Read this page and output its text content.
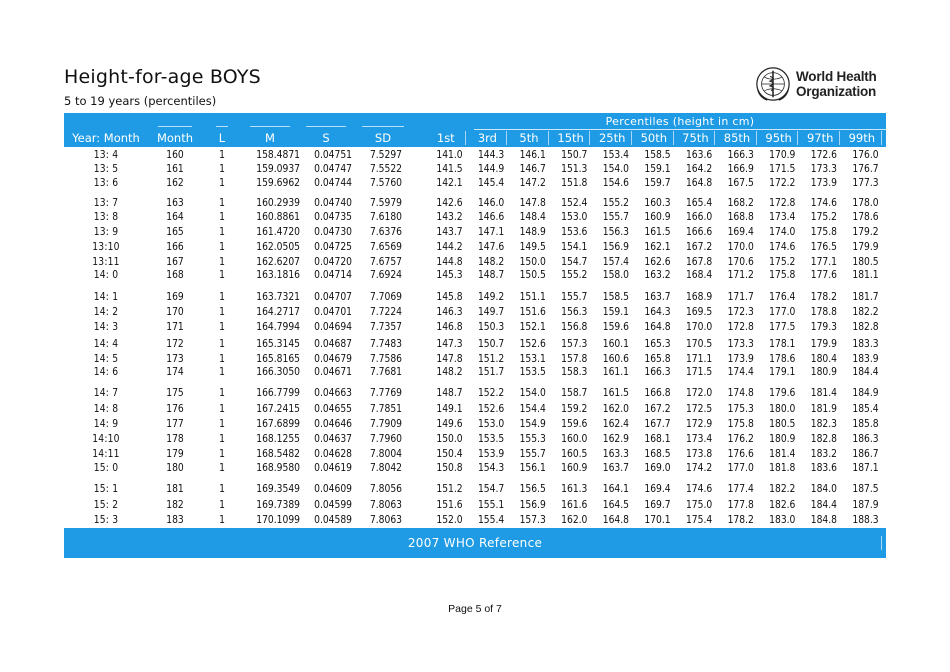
Height-for-age BOYS
5 to 19 years (percentiles)
World Health
Organization
Percentiles (height in cm)
Year: Month	Month	L	M	S	SD	1st	3rd	5th	15th	25th	50th	75th	85th	95th	97th	99th
13: 4	160	1	158.4871	0.04751	7.5297	141.0	144.3	146.1	150.7	153.4	158.5	163.6	166.3	170.9	172.6	176.0
13: 5	161	1	159.0937	0.04747	7.5522	141.5	144.9	146.7	151.3	154.0	159.1	164.2	166.9	171.5	173.3	176.7
13: 6	162	1	159.6962	0.04744	7.5760	142.1	145.4	147.2	151.8	154.6	159.7	164.8	167.5	172.2	173.9	177.3
13: 7	163	1	160.2939	0.04740	7.5979	142.6	146.0	147.8	152.4	155.2	160.3	165.4	168.2	172.8	174.6	178.0
13: 8	164	1	160.8861	0.04735	7.6180	143.2	146.6	148.4	153.0	155.7	160.9	166.0	168.8	173.4	175.2	178.6
13: 9	165	1	161.4720	0.04730	7.6376	143.7	147.1	148.9	153.6	156.3	161.5	166.6	169.4	174.0	175.8	179.2
13:10	166	1	162.0505	0.04725	7.6569	144.2	147.6	149.5	154.1	156.9	162.1	167.2	170.0	174.6	176.5	179.9
13:11	167	1	162.6207	0.04720	7.6757	144.8	148.2	150.0	154.7	157.4	162.6	167.8	170.6	175.2	177.1	180.5
14: 0	168	1	163.1816	0.04714	7.6924	145.3	148.7	150.5	155.2	158.0	163.2	168.4	171.2	175.8	177.6	181.1
14: 1	169	1	163.7321	0.04707	7.7069	145.8	149.2	151.1	155.7	158.5	163.7	168.9	171.7	176.4	178.2	181.7
14: 2	170	1	164.2717	0.04701	7.7224	146.3	149.7	151.6	156.3	159.1	164.3	169.5	172.3	177.0	178.8	182.2
14: 3	171	1	164.7994	0.04694	7.7357	146.8	150.3	152.1	156.8	159.6	164.8	170.0	172.8	177.5	179.3	182.8
14: 4	172	1	165.3145	0.04687	7.7483	147.3	150.7	152.6	157.3	160.1	165.3	170.5	173.3	178.1	179.9	183.3
14: 5	173	1	165.8165	0.04679	7.7586	147.8	151.2	153.1	157.8	160.6	165.8	171.1	173.9	178.6	180.4	183.9
14: 6	174	1	166.3050	0.04671	7.7681	148.2	151.7	153.5	158.3	161.1	166.3	171.5	174.4	179.1	180.9	184.4
14: 7	175	1	166.7799	0.04663	7.7769	148.7	152.2	154.0	158.7	161.5	166.8	172.0	174.8	179.6	181.4	184.9
14: 8	176	1	167.2415	0.04655	7.7851	149.1	152.6	154.4	159.2	162.0	167.2	172.5	175.3	180.0	181.9	185.4
14: 9	177	1	167.6899	0.04646	7.7909	149.6	153.0	154.9	159.6	162.4	167.7	172.9	175.8	180.5	182.3	185.8
14:10	178	1	168.1255	0.04637	7.7960	150.0	153.5	155.3	160.0	162.9	168.1	173.4	176.2	180.9	182.8	186.3
14:11	179	1	168.5482	0.04628	7.8004	150.4	153.9	155.7	160.5	163.3	168.5	173.8	176.6	181.4	183.2	186.7
15: 0	180	1	168.9580	0.04619	7.8042	150.8	154.3	156.1	160.9	163.7	169.0	174.2	177.0	181.8	183.6	187.1
15: 1	181	1	169.3549	0.04609	7.8056	151.2	154.7	156.5	161.3	164.1	169.4	174.6	177.4	182.2	184.0	187.5
15: 2	182	1	169.7389	0.04599	7.8063	151.6	155.1	156.9	161.6	164.5	169.7	175.0	177.8	182.6	184.4	187.9
15: 3	183	1	170.1099	0.04589	7.8063	152.0	155.4	157.3	162.0	164.8	170.1	175.4	178.2	183.0	184.8	188.3
2007 WHO Reference
Page 5 of 7
